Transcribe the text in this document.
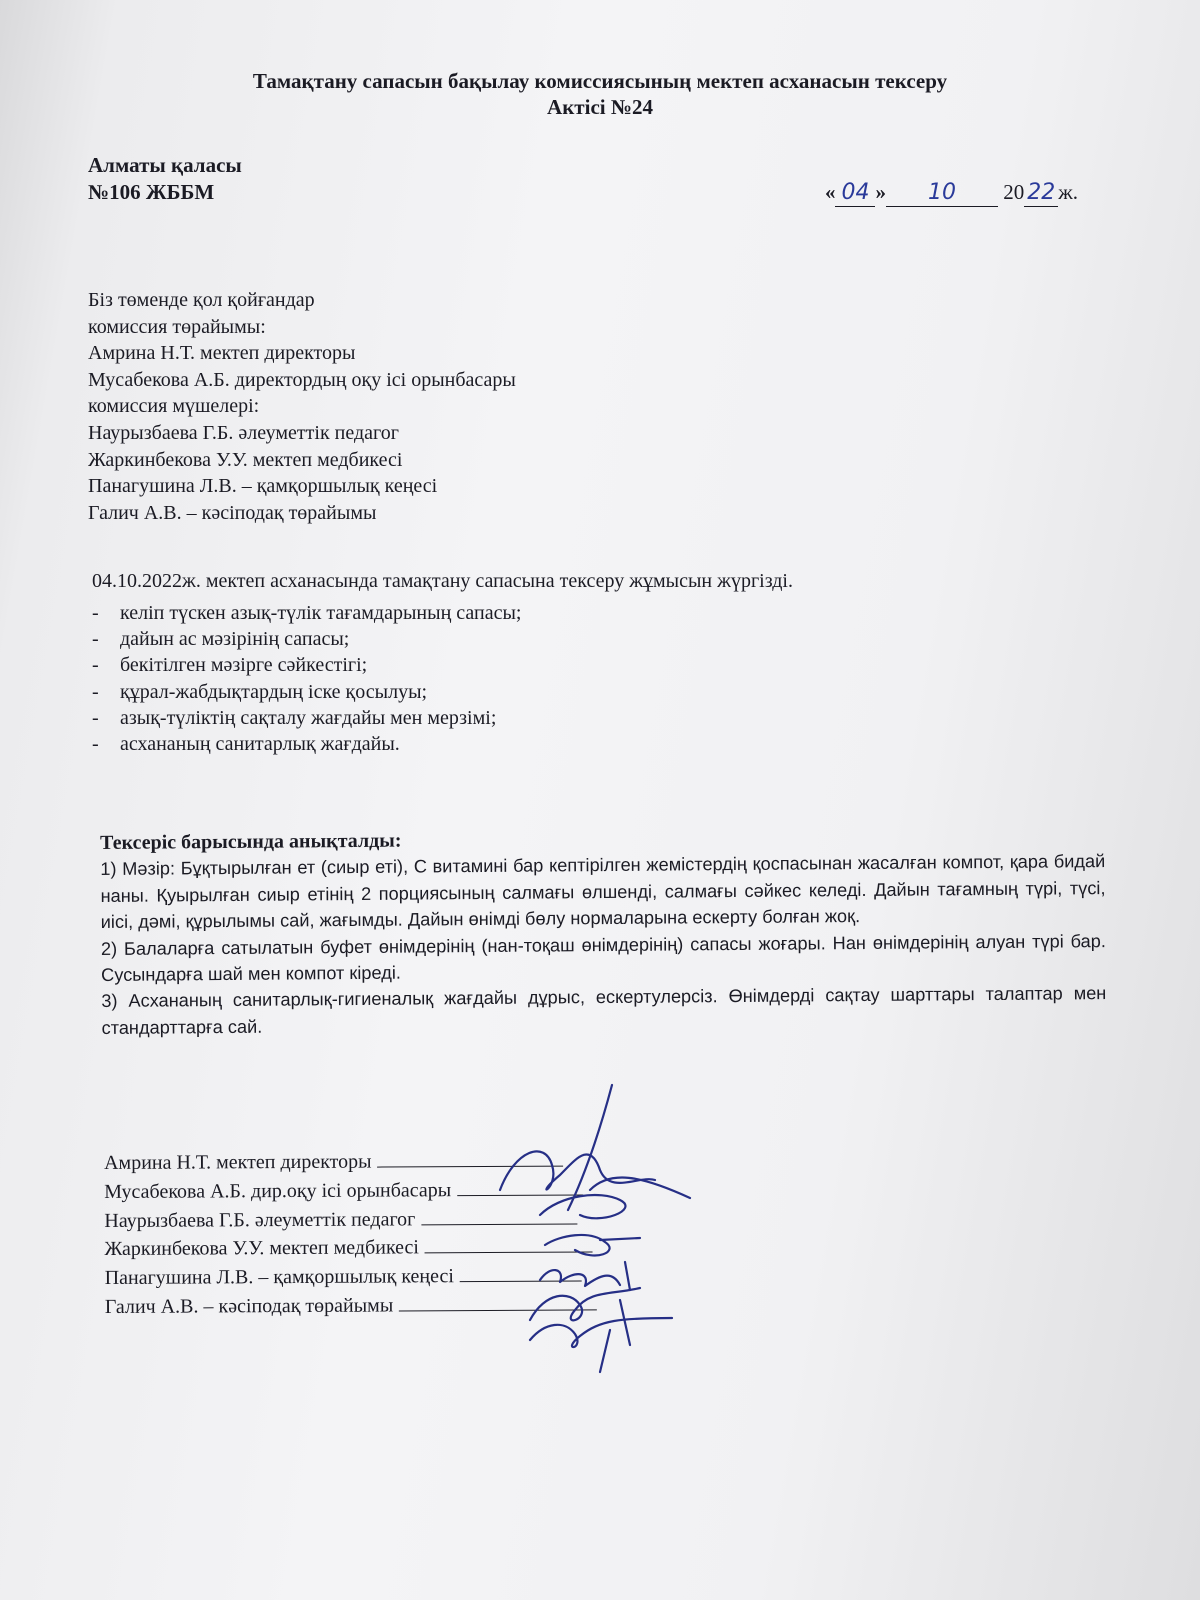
Тамақтану сапасын бақылау комиссиясының мектеп асханасын тексеру
Актісі №24
Алматы қаласы
№106 ЖББМ	« 04 » 10 20 22 ж.
Біз төменде қол қойғандар
комиссия төрайымы:
Амрина Н.Т. мектеп директоры
Мусабекова А.Б. директордың оқу ісі орынбасары
комиссия мүшелері:
Наурызбаева Г.Б. әлеуметтік педагог
Жаркинбекова У.У. мектеп медбикесі
Панагушина Л.В. – қамқоршылық кеңесі
Галич А.В. – кәсіподақ төрайымы
04.10.2022ж. мектеп асханасында тамақтану сапасына тексеру жұмысын жүргізді.
- келіп түскен азық-түлік тағамдарының сапасы;
- дайын ас мәзірінің сапасы;
- бекітілген мәзірге сәйкестігі;
- құрал-жабдықтардың іске қосылуы;
- азық-түліктің сақталу жағдайы мен мерзімі;
- асхананың санитарлық жағдайы.
Тексеріс барысында анықталды:
1) Мәзір: Бұқтырылған ет (сиыр еті), С витамині бар кептірілген жемістердің қоспасынан жасалған компот, қара бидай наны. Қуырылған сиыр етінің 2 порциясының салмағы өлшенді, салмағы сәйкес келеді. Дайын тағамның түрі, түсі, иісі, дәмі, құрылымы сай, жағымды. Дайын өнімді бөлу нормаларына ескерту болған жоқ.
2) Балаларға сатылатын буфет өнімдерінің (нан-тоқаш өнімдерінің) сапасы жоғары. Нан өнімдерінің алуан түрі бар. Сусындарға шай мен компот кіреді.
3) Асхананың санитарлық-гигиеналық жағдайы дұрыс, ескертулерсіз. Өнімдерді сақтау шарттары талаптар мен стандарттарға сай.
Амрина Н.Т. мектеп директоры
Мусабекова А.Б. дир.оқу ісі орынбасары
Наурызбаева Г.Б. әлеуметтік педагог
Жаркинбекова У.У. мектеп медбикесі
Панагушина Л.В. – қамқоршылық кеңесі
Галич А.В. – кәсіподақ төрайымы
